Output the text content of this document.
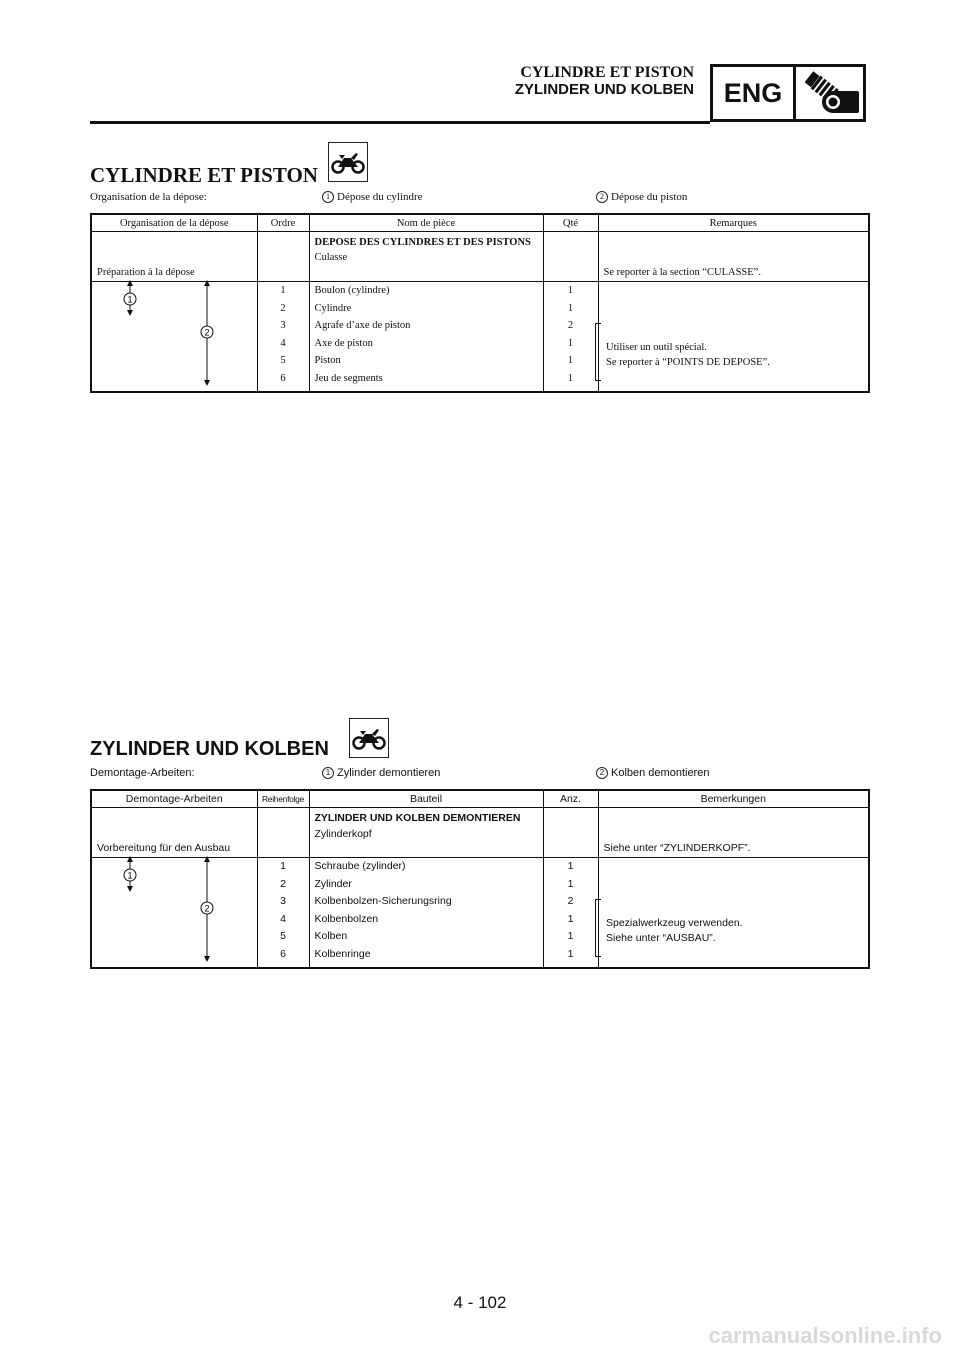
CYLINDRE ET PISTON
ZYLINDER UND KOLBEN	ENG
CYLINDRE ET PISTON
Organisation de la dépose:	1 Dépose du cylindre	2 Dépose du piston
Organisation de la dépose	Ordre	Nom de pièce	Qté	Remarques
Préparation à la dépose		DEPOSE DES CYLINDRES ET DES PISTONS
Culasse		Se reporter à la section “CULASSE”.
	1	Boulon (cylindre)	1	
	2	Cylindre	1	
	3	Agrafe d’axe de piston	2	
	4	Axe de piston	1	
	5	Piston	1	
	6	Jeu de segments	1	
1
2
Utiliser un outil spécial.
Se reporter à “POINTS DE DEPOSE”.
ZYLINDER UND KOLBEN
Demontage-Arbeiten:	1 Zylinder demontieren	2 Kolben demontieren
Demontage-Arbeiten	Reihenfolge	Bauteil	Anz.	Bemerkungen
Vorbereitung für den Ausbau		ZYLINDER UND KOLBEN DEMONTIEREN
Zylinderkopf		Siehe unter “ZYLINDERKOPF”.
	1	Schraube (zylinder)	1	
	2	Zylinder	1	
	3	Kolbenbolzen-Sicherungsring	2	
	4	Kolbenbolzen	1	
	5	Kolben	1	
	6	Kolbenringe	1	
1
2
Spezialwerkzeug verwenden.
Siehe unter “AUSBAU”.
4 - 102
carmanualsonline.info
